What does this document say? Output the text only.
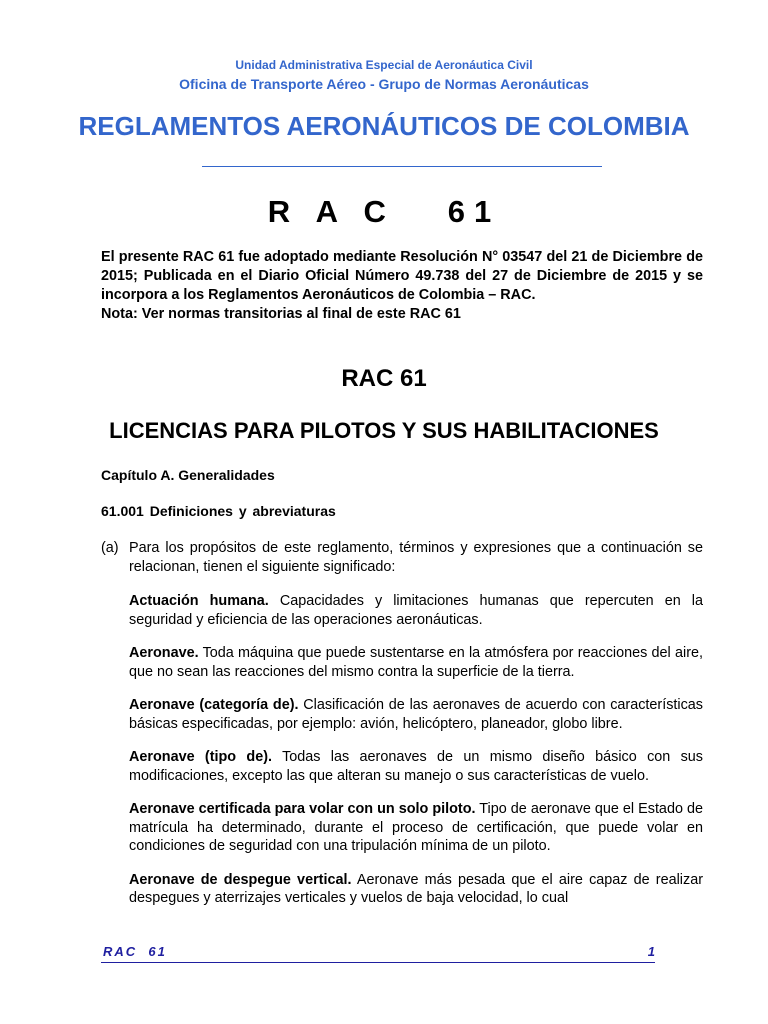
Unidad Administrativa Especial de Aeronáutica Civil
Oficina de Transporte Aéreo - Grupo de Normas Aeronáuticas
REGLAMENTOS AERONÁUTICOS DE COLOMBIA
R A C   61

El presente RAC 61 fue adoptado mediante Resolución N° 03547 del 21 de Diciembre de 2015; Publicada en el Diario Oficial Número 49.738 del 27 de Diciembre de 2015 y se incorpora a los Reglamentos Aeronáuticos de Colombia – RAC.

Nota: Ver normas transitorias al final de este RAC 61

RAC 61
LICENCIAS PARA PILOTOS Y SUS HABILITACIONES
Capítulo A. Generalidades
61.001 Definiciones y abreviaturas
(a) Para los propósitos de este reglamento, términos y expresiones que a continuación se relacionan, tienen el siguiente significado:

Actuación humana. Capacidades y limitaciones humanas que repercuten en la seguridad y eficiencia de las operaciones aeronáuticas.

Aeronave. Toda máquina que puede sustentarse en la atmósfera por reacciones del aire, que no sean las reacciones del mismo contra la superficie de la tierra.

Aeronave (categoría de). Clasificación de las aeronaves de acuerdo con características básicas especificadas, por ejemplo: avión, helicóptero, planeador, globo libre.

Aeronave (tipo de). Todas las aeronaves de un mismo diseño básico con sus modificaciones, excepto las que alteran su manejo o sus características de vuelo.

Aeronave certificada para volar con un solo piloto. Tipo de aeronave que el Estado de matrícula ha determinado, durante el proceso de certificación, que puede volar en condiciones de seguridad con una tripulación mínima de un piloto.

Aeronave de despegue vertical. Aeronave más pesada que el aire capaz de realizar despegues y aterrizajes verticales y vuelos de baja velocidad, lo cual

RAC  61	1
